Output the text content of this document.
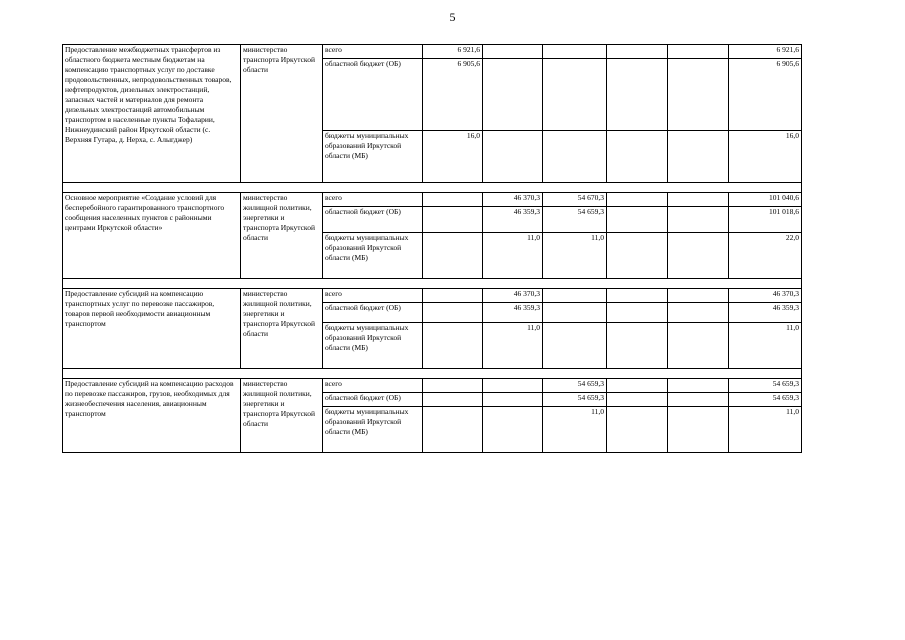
5
Предоставление межбюджетных трансфертов из областного бюджета местным бюджетам на компенсацию транспортных услуг по доставке продовольственных, непродовольственных товаров, нефтепродуктов, дизельных электростанций, запасных частей и материалов для ремонта дизельных электростанций автомобильным транспортом в населенные пункты Тофаларии, Нижнеудинский район Иркутской области (с. Верхняя Гутара, д. Нерха, с. Алыгджер)	министерство транспорта Иркутской области	всего	6 921,6					6 921,6
		областной бюджет (ОБ)	6 905,6					6 905,6
		бюджеты муниципальных образований Иркутской области (МБ)	16,0					16,0

Основное мероприятие «Создание условий для бесперебойного гарантированного транспортного сообщения населенных пунктов с районными центрами Иркутской области»	министерство жилищной политики, энергетики и транспорта Иркутской области	всего		46 370,3	54 670,3			101 040,6
		областной бюджет (ОБ)		46 359,3	54 659,3			101 018,6
		бюджеты муниципальных образований Иркутской области (МБ)		11,0	11,0			22,0

Предоставление субсидий на компенсацию транспортных услуг по перевозке пассажиров, товаров первой необходимости авиационным транспортом	министерство жилищной политики, энергетики и транспорта Иркутской области	всего		46 370,3				46 370,3
		областной бюджет (ОБ)		46 359,3				46 359,3
		бюджеты муниципальных образований Иркутской области (МБ)		11,0				11,0

Предоставление субсидий на компенсацию расходов по перевозке пассажиров, грузов, необходимых для жизнеобеспечения населения, авиационным транспортом	министерство жилищной политики, энергетики и транспорта Иркутской области	всего			54 659,3			54 659,3
		областной бюджет (ОБ)			54 659,3			54 659,3
		бюджеты муниципальных образований Иркутской области (МБ)			11,0			11,0
